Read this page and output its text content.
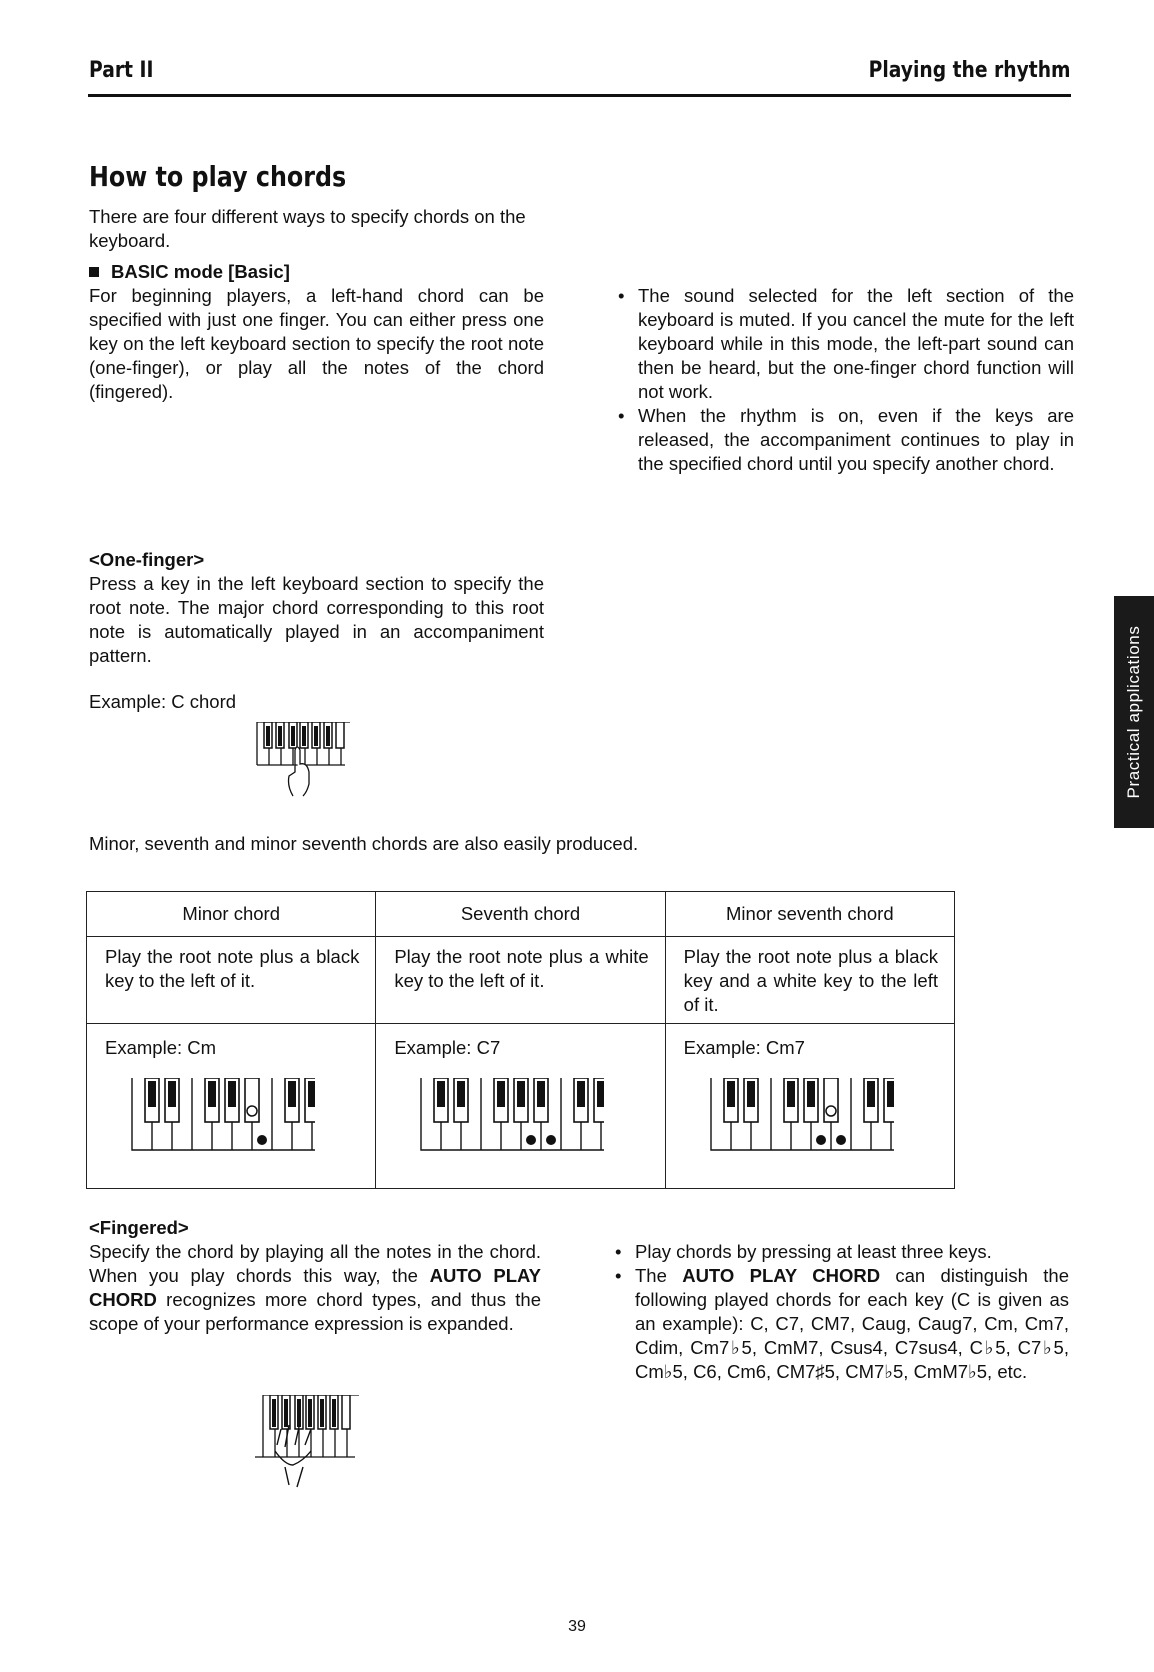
Part II	Playing the rhythm
How to play chords

There are four different ways to specify chords on the keyboard.

BASIC mode [Basic]

For beginning players, a left-hand chord can be specified with just one finger. You can either press one key on the left keyboard section to specify the root note (one-finger), or play all the notes of the chord (fingered).

• The sound selected for the left section of the keyboard is muted. If you cancel the mute for the left keyboard while in this mode, the left-part sound can then be heard, but the one-finger chord function will not work.
• When the rhythm is on, even if the keys are released, the accompaniment continues to play in the specified chord until you specify another chord.
<One-finger>

Press a key in the left keyboard section to specify the root note. The major chord corresponding to this root note is automatically played in an accompaniment pattern.

Example: C chord
Minor, seventh and minor seventh chords are also easily produced.
Minor chord	Seventh chord	Minor seventh chord
Play the root note plus a black key to the left of it.	Play the root note plus a white key to the left of it.	Play the root note plus a black key and a white key to the left of it.

Example: Cm	Example: C7	Example: Cm7
<Fingered>

Specify the chord by playing all the notes in the chord. When you play chords this way, the AUTO PLAY CHORD recognizes more chord types, and thus the scope of your performance expression is expanded.

• Play chords by pressing at least three keys.
• The AUTO PLAY CHORD can distinguish the following played chords for each key (C is given as an example): C, C7, CM7, Caug, Caug7, Cm, Cm7, Cdim, Cm7♭5, CmM7, Csus4, C7sus4, C♭5, C7♭5, Cm♭5, C6, Cm6, CM7♯5, CM7♭5, CmM7♭5, etc.
Practical applications
39
